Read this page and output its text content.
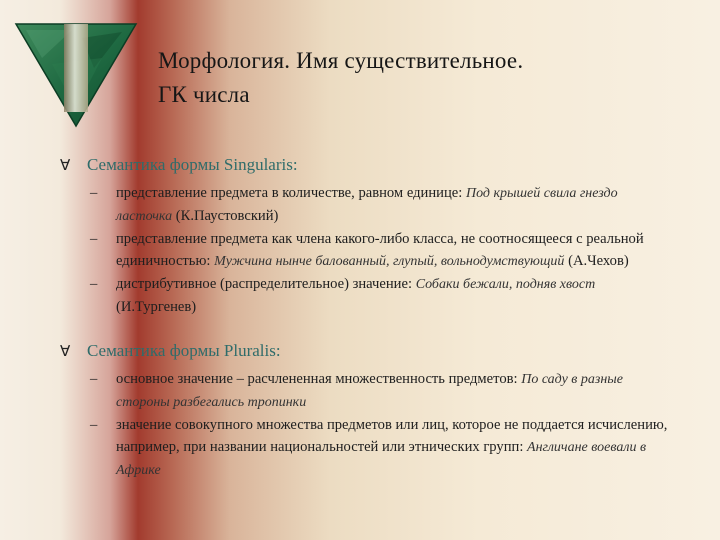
Морфология. Имя существительное.
ГК числа
∀ Семантика формы Singularis:
– представление предмета в количестве, равном единице: Под крышей свила гнездо ласточка (К.Паустовский)
– представление предмета как члена какого-либо класса, не соотносящееся с реальной единичностью: Мужчина нынче балованный, глупый, вольнодумствующий (А.Чехов)
– дистрибутивное (распределительное) значение: Собаки бежали, подняв хвост (И.Тургенев)
∀ Семантика формы Pluralis:
– основное значение – расчлененная множественность предметов: По саду в разные стороны разбегались тропинки
– значение совокупного множества предметов или лиц, которое не поддается исчислению, например, при названии национальностей или этнических групп: Англичане воевали в Африке
